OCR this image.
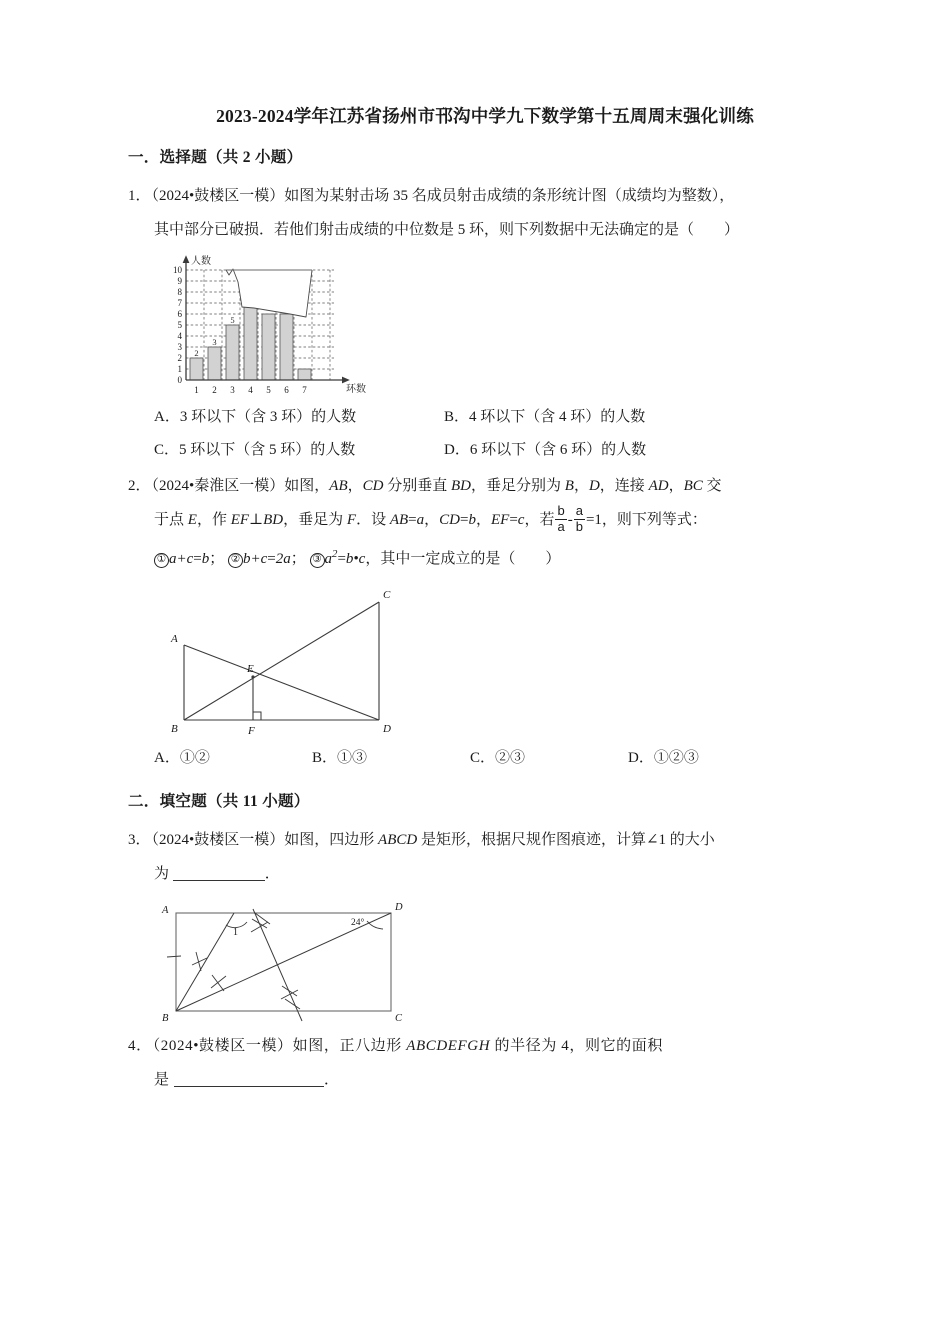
2023-2024学年江苏省扬州市邗沟中学九下数学第十五周周末强化训练
一．选择题（共 2 小题）
1．（2024•鼓楼区一模）如图为某射击场 35 名成员射击成绩的条形统计图（成绩均为整数），
其中部分已破损．若他们射击成绩的中位数是 5 环，则下列数据中无法确定的是（　　）
0
1
2
3
4
5
6
7
8
9
10
1 2 3 4 5 6 7
2
3
5
人数
环数
A．3 环以下（含 3 环）的人数	B．4 环以下（含 4 环）的人数
C．5 环以下（含 5 环）的人数	D．6 环以下（含 6 环）的人数
2．（2024•秦淮区一模）如图，AB，CD 分别垂直 BD，垂足分别为 B，D，连接 AD，BC 交
于点 E，作 EF⊥BD，垂足为 F．设 AB=a，CD=b，EF=c，若 $\frac{b}{a} - \frac{a}{b} =1$，则下列等式：
① a+c=b； ② b+c=2a； ③ $a^2=b•c$，其中一定成立的是（　　）
A
B
C
D
E
F
A．①②	B．①③	C．②③	D．①②③
二．填空题（共 11 小题）
3．（2024•鼓楼区一模）如图，四边形 ABCD 是矩形，根据尺规作图痕迹，计算∠1 的大小
为	．
A
B	C
D
1
24°
4．（2024•鼓楼区一模）如图，正八边形 ABCDEFGH 的半径为 4，则它的面积
是	．
